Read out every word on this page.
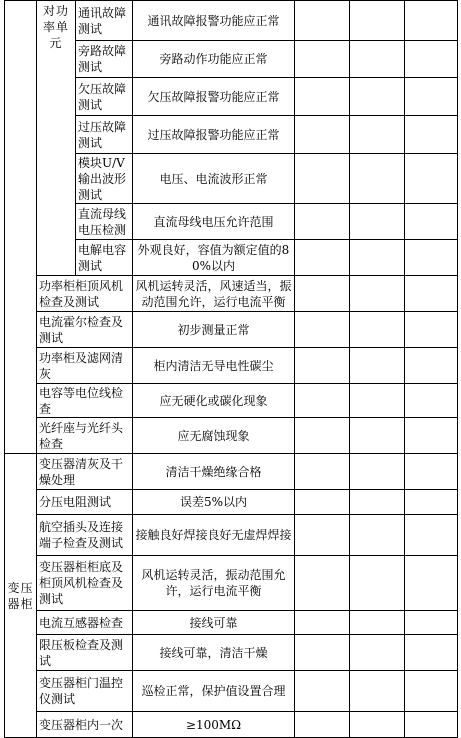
	对功率单元	通讯故障测试	通讯故障报警功能应正常			
		旁路故障测试	旁路动作功能应正常			
		欠压故障测试	欠压故障报警功能应正常			
		过压故障测试	过压故障报警功能应正常			
		模块U/V输出波形测试	电压、电流波形正常			
		直流母线电压检测	直流母线电压允许范围			
		电解电容测试	外观良好，容值为额定值的80%以内			
	功率柜柜顶风机检查及测试		风机运转灵活，风速适当，振动范围允许，运行电流平衡			
	电流霍尔检查及测试		初步测量正常			
	功率柜及滤网清灰		柜内清洁无导电性碳尘			
	电容等电位线检查		应无硬化或碳化现象			
	光纤座与光纤头检查		应无腐蚀现象			
变压器柜	变压器清灰及干燥处理		清洁干燥绝缘合格			
	分压电阻测试		误差5%以内			
	航空插头及连接端子检查及测试		接触良好焊接良好无虚焊焊接			
	变压器柜柜底及柜顶风机检查及测试		风机运转灵活，振动范围允许，运行电流平衡			
	电流互感器检查		接线可靠			
	限压板检查及测试		接线可靠，清洁干燥			
	变压器柜门温控仪测试		巡检正常，保护值设置合理			
	变压器柜内一次		≥100MΩ			
